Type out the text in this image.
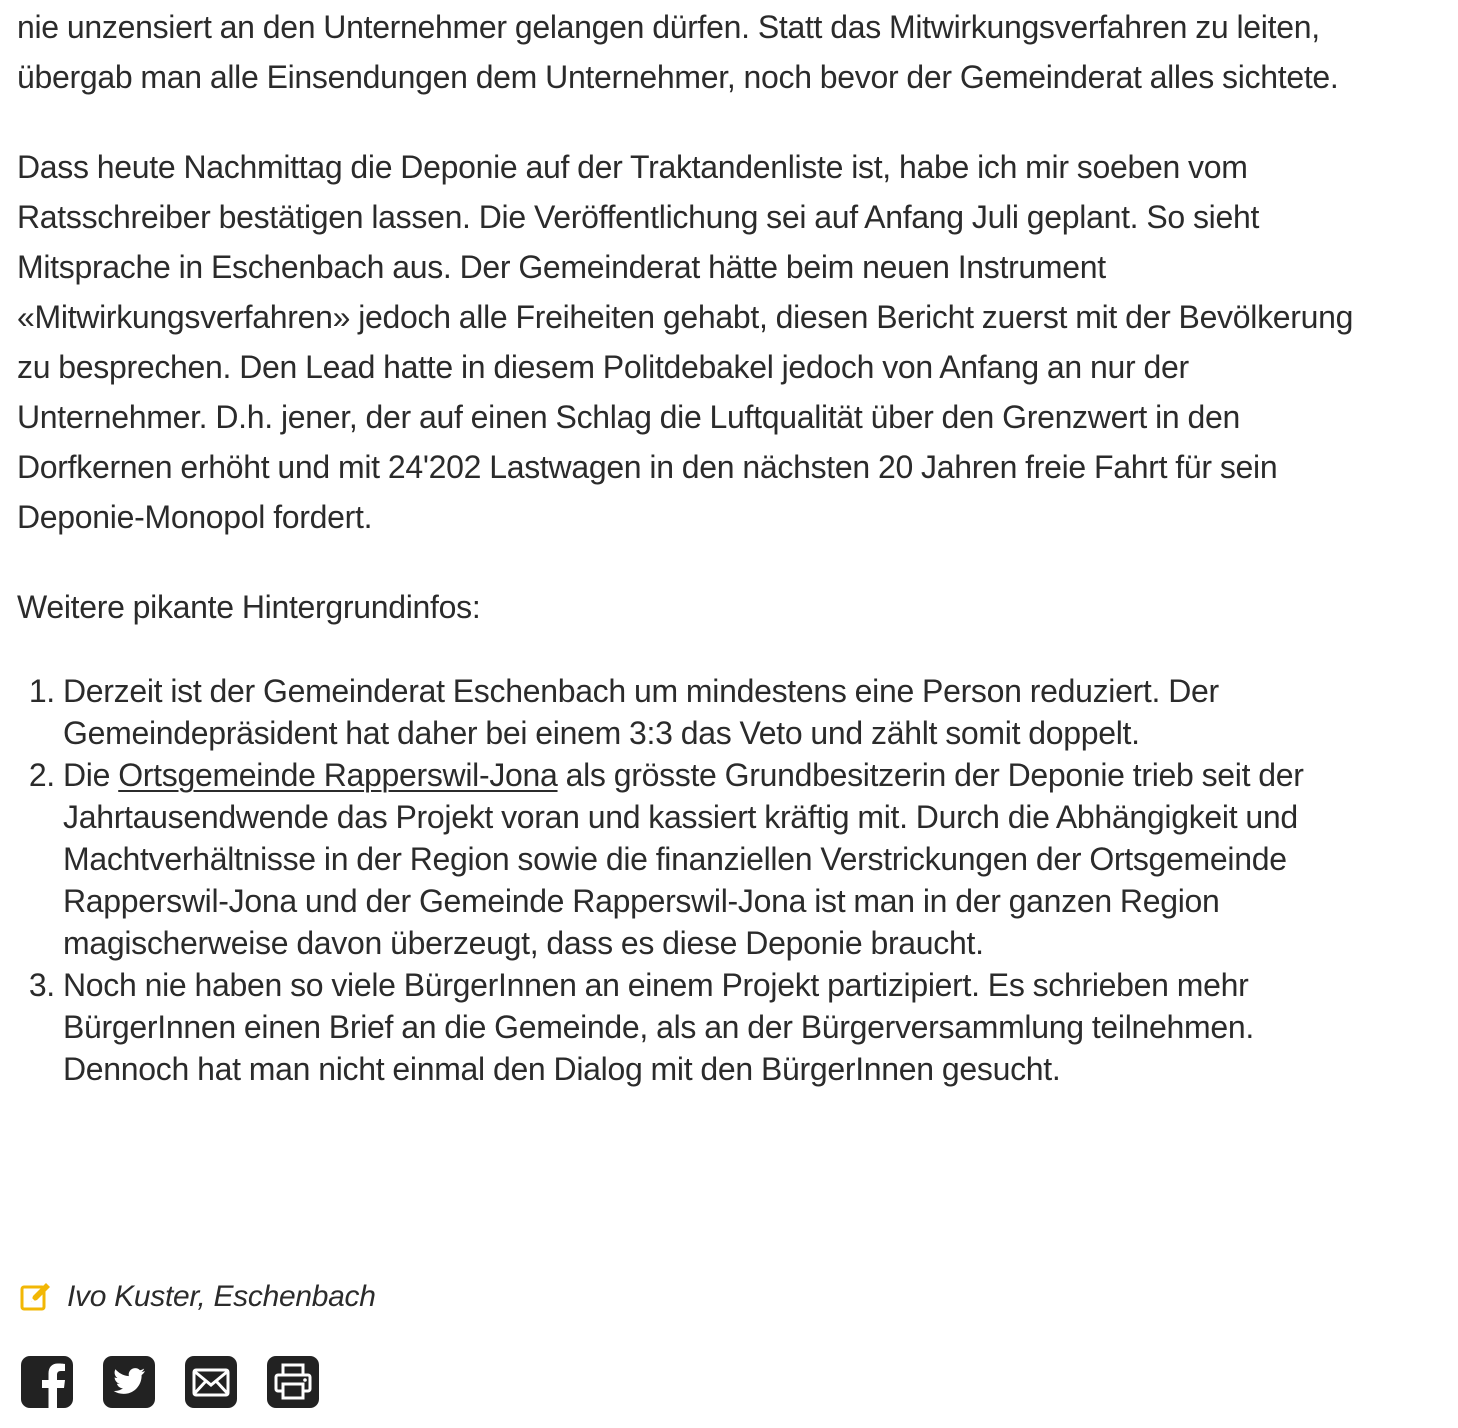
nie unzensiert an den Unternehmer gelangen dürfen. Statt das Mitwirkungsverfahren zu leiten, übergab man alle Einsendungen dem Unternehmer, noch bevor der Gemeinderat alles sichtete.

Dass heute Nachmittag die Deponie auf der Traktandenliste ist, habe ich mir soeben vom Ratsschreiber bestätigen lassen. Die Veröffentlichung sei auf Anfang Juli geplant. So sieht Mitsprache in Eschenbach aus. Der Gemeinderat hätte beim neuen Instrument «Mitwirkungsverfahren» jedoch alle Freiheiten gehabt, diesen Bericht zuerst mit der Bevölkerung zu besprechen. Den Lead hatte in diesem Politdebakel jedoch von Anfang an nur der Unternehmer. D.h. jener, der auf einen Schlag die Luftqualität über den Grenzwert in den Dorfkernen erhöht und mit 24'202 Lastwagen in den nächsten 20 Jahren freie Fahrt für sein Deponie-Monopol fordert.

Weitere pikante Hintergrundinfos:

1. Derzeit ist der Gemeinderat Eschenbach um mindestens eine Person reduziert. Der Gemeindepräsident hat daher bei einem 3:3 das Veto und zählt somit doppelt.
2. Die Ortsgemeinde Rapperswil-Jona als grösste Grundbesitzerin der Deponie trieb seit der Jahrtausendwende das Projekt voran und kassiert kräftig mit. Durch die Abhängigkeit und Machtverhältnisse in der Region sowie die finanziellen Verstrickungen der Ortsgemeinde Rapperswil-Jona und der Gemeinde Rapperswil-Jona ist man in der ganzen Region magischerweise davon überzeugt, dass es diese Deponie braucht.
3. Noch nie haben so viele BürgerInnen an einem Projekt partizipiert. Es schrieben mehr BürgerInnen einen Brief an die Gemeinde, als an der Bürgerversammlung teilnehmen. Dennoch hat man nicht einmal den Dialog mit den BürgerInnen gesucht.
Ivo Kuster, Eschenbach
